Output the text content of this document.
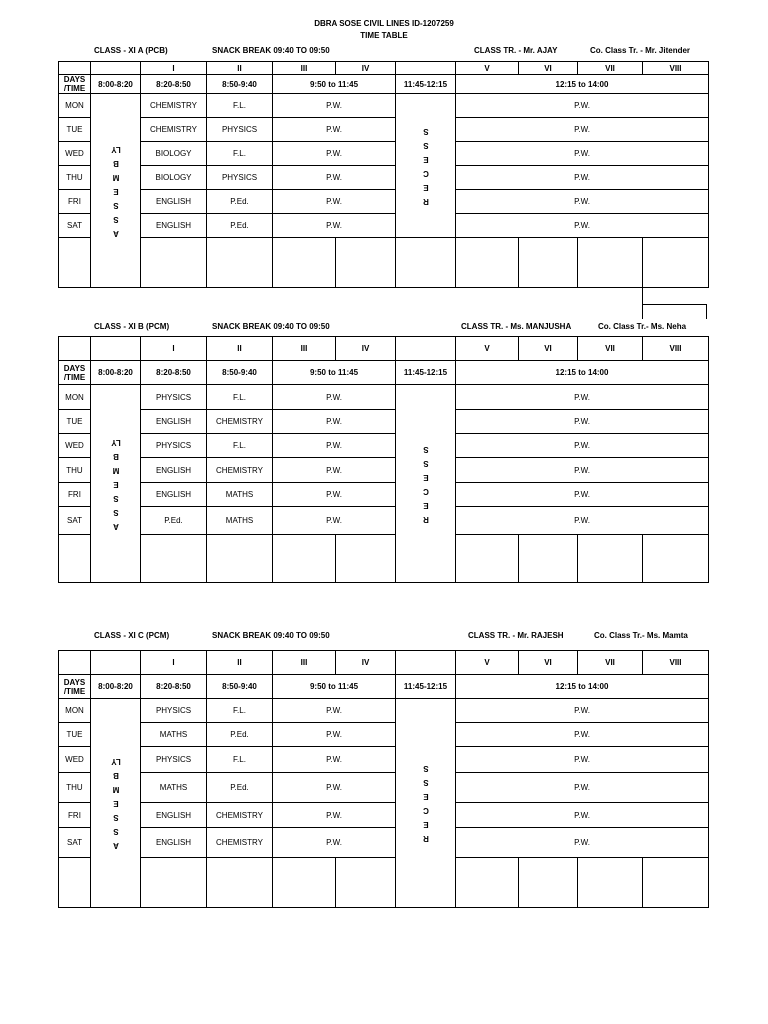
DBRA SOSE CIVIL LINES ID-1207259
TIME TABLE
CLASS - XI A (PCB)	SNACK BREAK 09:40 TO 09:50	CLASS TR. - Mr. AJAY	Co. Class Tr. - Mr. Jitender
		I	II	III	IV		V	VI	VII	VIII
DAYS /TIME	8:00-8:20	8:20-8:50	8:50-9:40	9:50 to 11:45		11:45-12:15	12:15 to 14:00			
MON	ASSEMBLY	CHEMISTRY	F.L.	P.W.		RECESS	P.W.			
TUE		CHEMISTRY	PHYSICS	P.W.			P.W.			
WED		BIOLOGY	F.L.	P.W.			P.W.			
THU		BIOLOGY	PHYSICS	P.W.			P.W.			
FRI		ENGLISH	P.Ed.	P.W.			P.W.			
SAT		ENGLISH	P.Ed.	P.W.			P.W.			

CLASS - XI B (PCM)	SNACK BREAK 09:40 TO 09:50	CLASS TR. - Ms. MANJUSHA	Co. Class Tr.- Ms. Neha
		I	II	III	IV		V	VI	VII	VIII
DAYS /TIME	8:00-8:20	8:20-8:50	8:50-9:40	9:50 to 11:45		11:45-12:15	12:15 to 14:00			
MON	ASSEMBLY	PHYSICS	F.L.	P.W.		RECESS	P.W.			
TUE		ENGLISH	CHEMISTRY	P.W.			P.W.			
WED		PHYSICS	F.L.	P.W.			P.W.			
THU		ENGLISH	CHEMISTRY	P.W.			P.W.			
FRI		ENGLISH	MATHS	P.W.			P.W.			
SAT		P.Ed.	MATHS	P.W.			P.W.			

CLASS - XI C (PCM)	SNACK BREAK 09:40 TO 09:50	CLASS TR. - Mr. RAJESH	Co. Class Tr.- Ms. Mamta
		I	II	III	IV		V	VI	VII	VIII
DAYS /TIME	8:00-8:20	8:20-8:50	8:50-9:40	9:50 to 11:45		11:45-12:15	12:15 to 14:00			
MON	ASSEMBLY	PHYSICS	F.L.	P.W.		RECESS	P.W.			
TUE		MATHS	P.Ed.	P.W.			P.W.			
WED		PHYSICS	F.L.	P.W.			P.W.			
THU		MATHS	P.Ed.	P.W.			P.W.			
FRI		ENGLISH	CHEMISTRY	P.W.			P.W.			
SAT		ENGLISH	CHEMISTRY	P.W.			P.W.			
